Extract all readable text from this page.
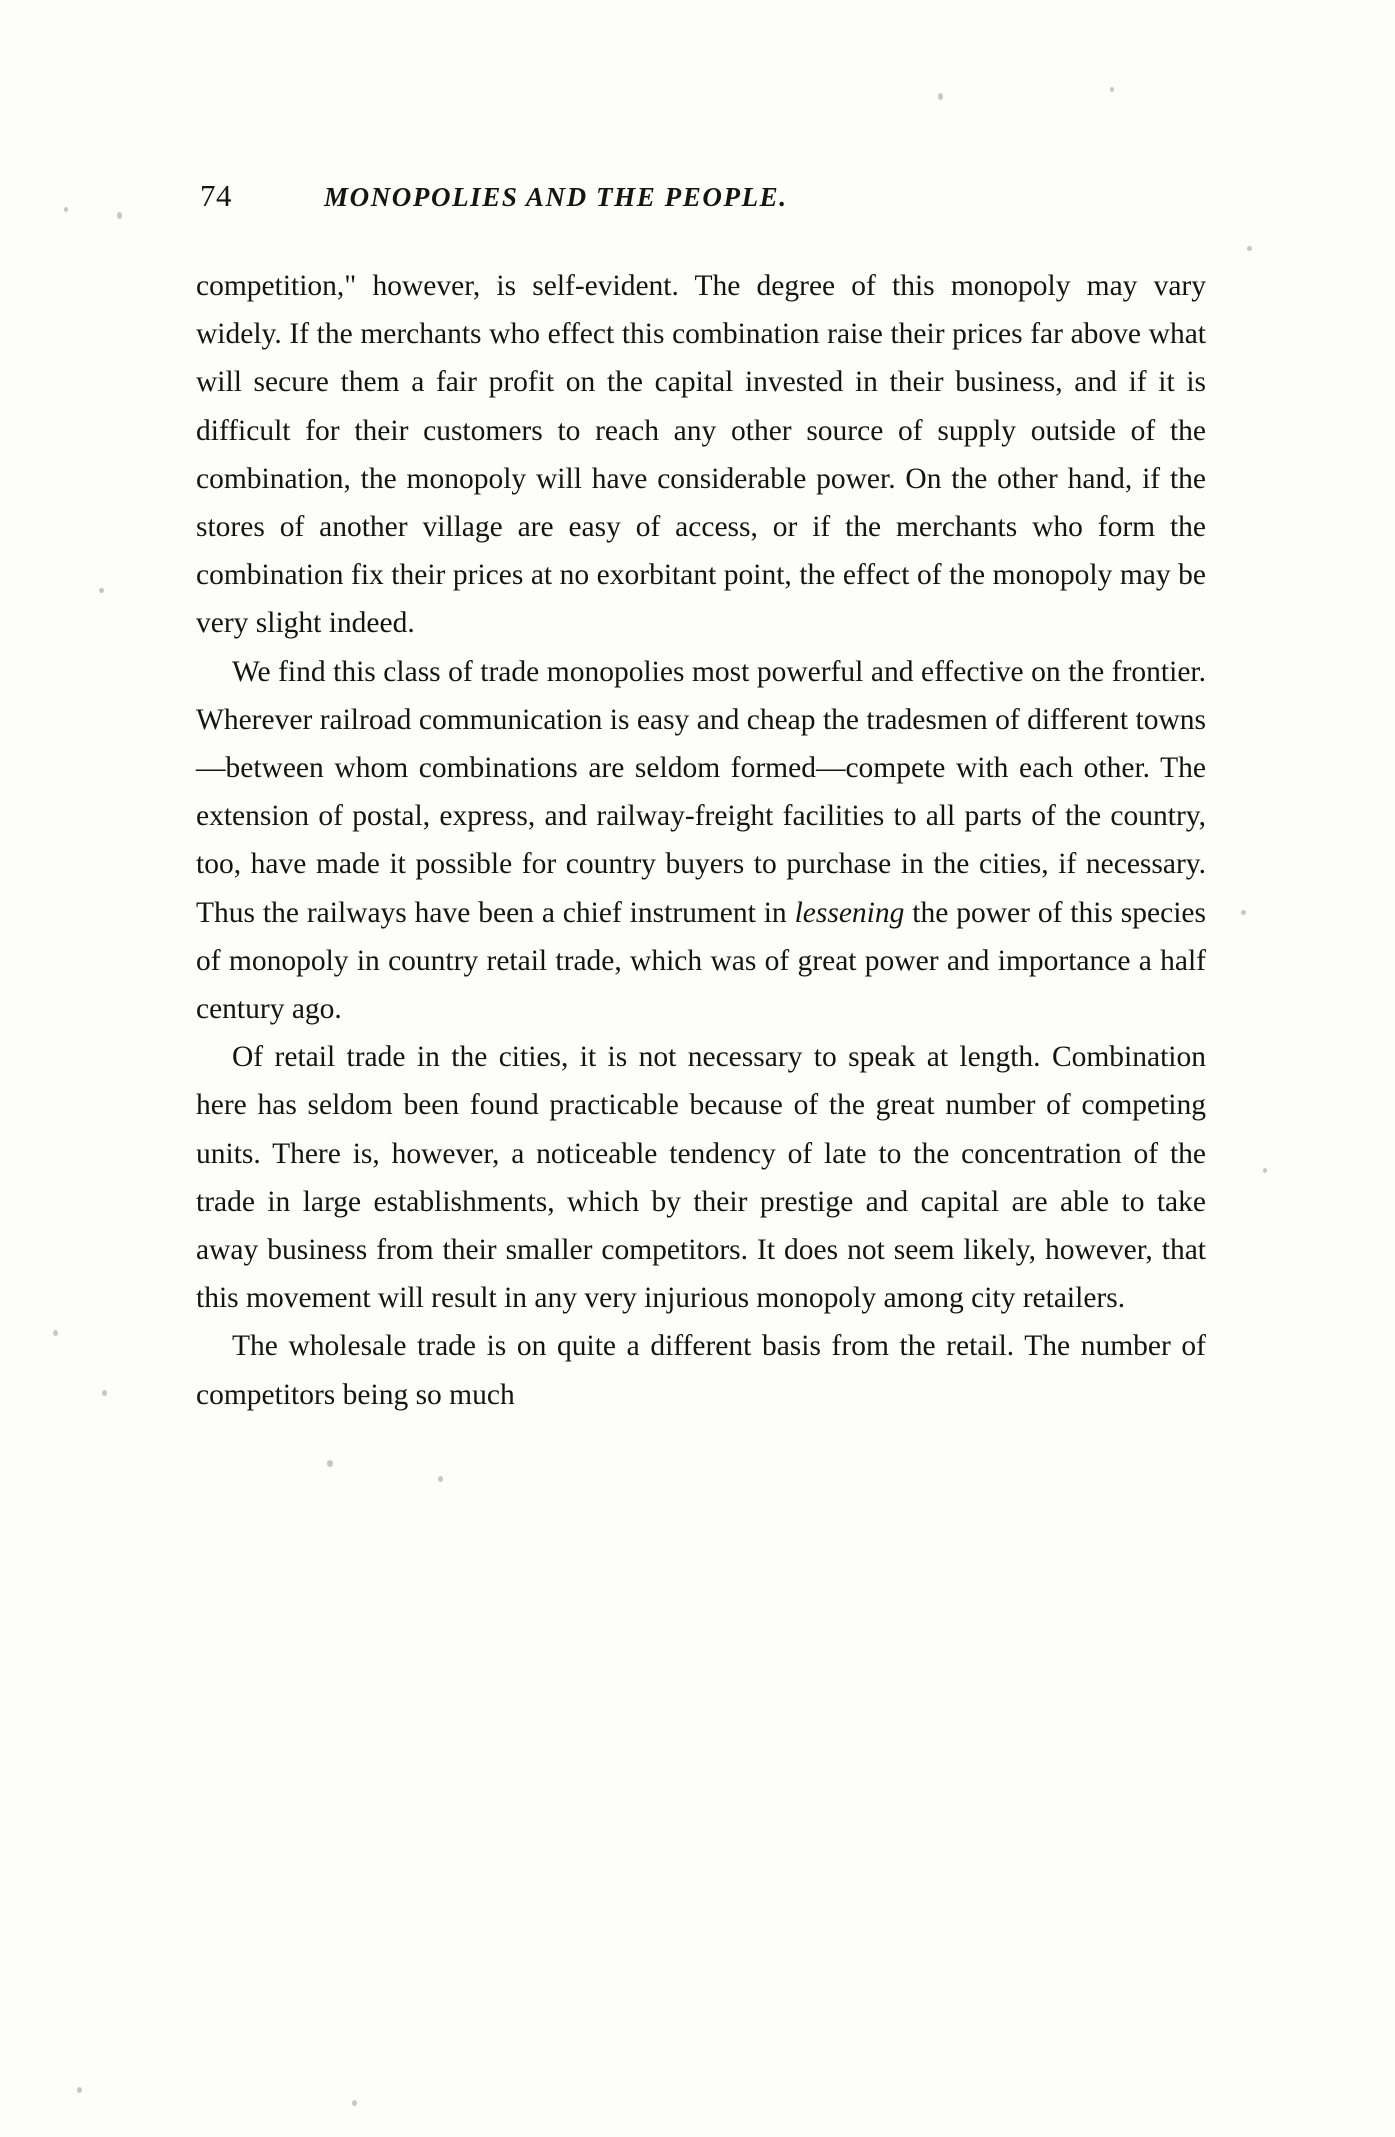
74	MONOPOLIES AND THE PEOPLE.

competition," however, is self-evident. The degree of this monopoly may vary widely. If the merchants who effect this combination raise their prices far above what will secure them a fair profit on the capital invested in their business, and if it is difficult for their customers to reach any other source of supply outside of the combination, the monopoly will have considerable power. On the other hand, if the stores of another village are easy of access, or if the merchants who form the combination fix their prices at no exorbitant point, the effect of the monopoly may be very slight indeed.

We find this class of trade monopolies most powerful and effective on the frontier. Wherever railroad communication is easy and cheap the tradesmen of different towns—between whom combinations are seldom formed—compete with each other. The extension of postal, express, and railway-freight facilities to all parts of the country, too, have made it possible for country buyers to purchase in the cities, if necessary. Thus the railways have been a chief instrument in lessening the power of this species of monopoly in country retail trade, which was of great power and importance a half century ago.

Of retail trade in the cities, it is not necessary to speak at length. Combination here has seldom been found practicable because of the great number of competing units. There is, however, a noticeable tendency of late to the concentration of the trade in large establishments, which by their prestige and capital are able to take away business from their smaller competitors. It does not seem likely, however, that this movement will result in any very injurious monopoly among city retailers.

The wholesale trade is on quite a different basis from the retail. The number of competitors being so much
